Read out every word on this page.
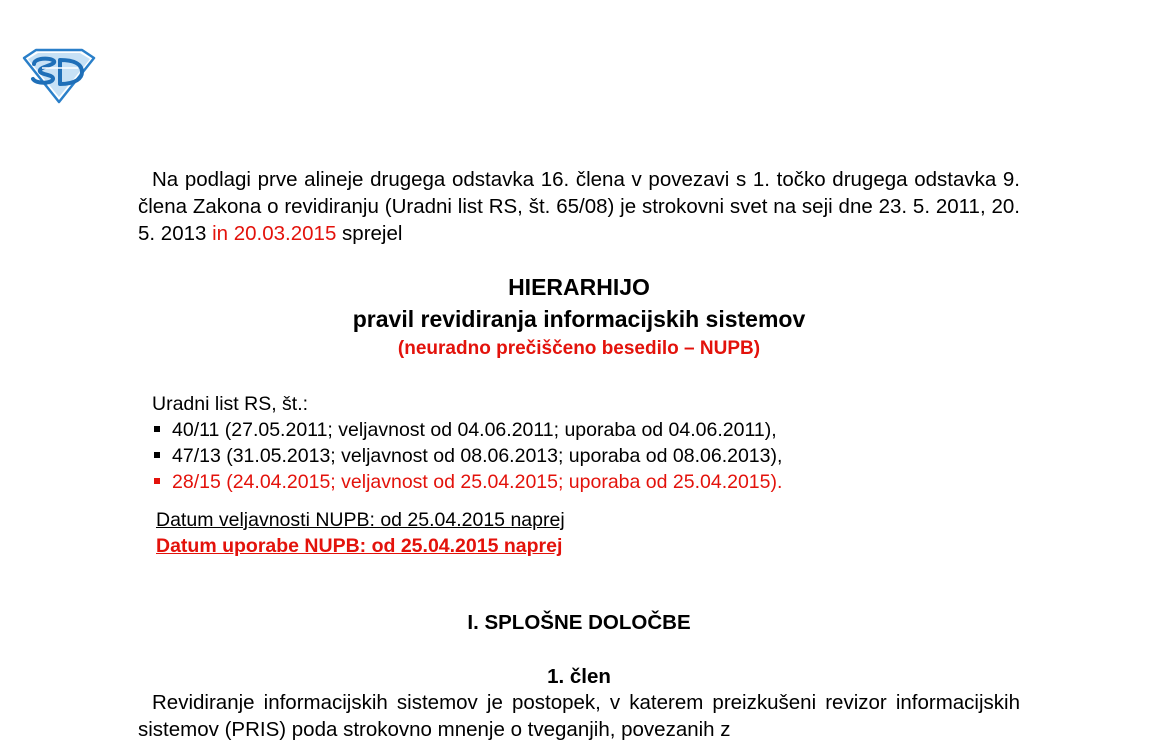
Na podlagi prve alineje drugega odstavka 16. člena v povezavi s 1. točko drugega odstavka 9. člena Zakona o revidiranju (Uradni list RS, št. 65/08) je strokovni svet na seji dne 23. 5. 2011, 20. 5. 2013 in 20.03.2015 sprejel

HIERARHIJO

pravil revidiranja informacijskih sistemov

(neuradno prečiščeno besedilo – NUPB)

Uradni list RS, št.:
40/11 (27.05.2011; veljavnost od 04.06.2011; uporaba od 04.06.2011),
47/13 (31.05.2013; veljavnost od 08.06.2013; uporaba od 08.06.2013),
28/15 (24.04.2015; veljavnost od 25.04.2015; uporaba od 25.04.2015).
Datum veljavnosti NUPB: od 25.04.2015 naprej
Datum uporabe NUPB: od 25.04.2015 naprej
I. SPLOŠNE DOLOČBE
1. člen

Revidiranje informacijskih sistemov je postopek, v katerem preizkušeni revizor informacijskih sistemov (PRIS) poda strokovno mnenje o tveganjih, povezanih z
